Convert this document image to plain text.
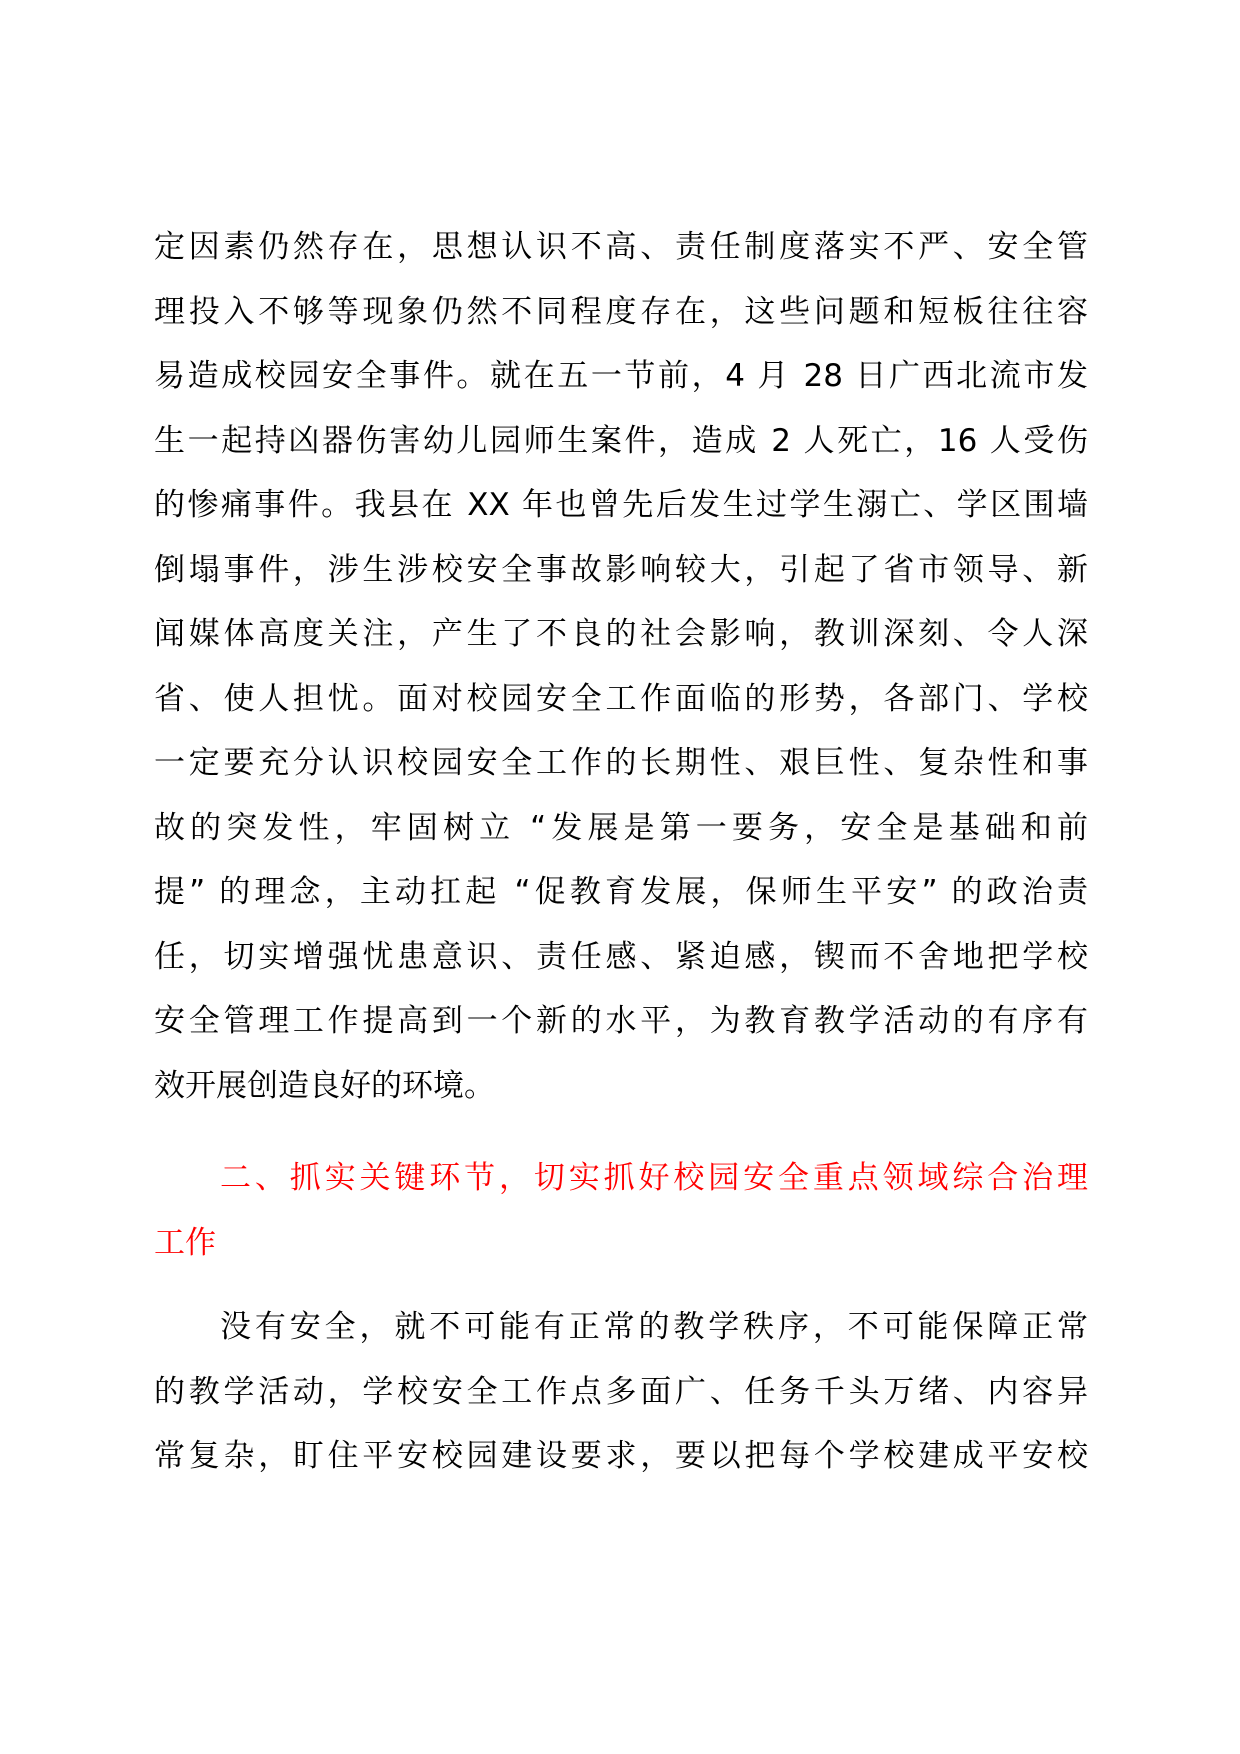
定因素仍然存在，思想认识不高、责任制度落实不严、安全管
理投入不够等现象仍然不同程度存在，这些问题和短板往往容
易造成校园安全事件。就在五一节前，4 月 28 日广西北流市发
生一起持凶器伤害幼儿园师生案件，造成 2 人死亡，16 人受伤
的惨痛事件。我县在 XX 年也曾先后发生过学生溺亡、学区围墙
倒塌事件，涉生涉校安全事故影响较大，引起了省市领导、新
闻媒体高度关注，产生了不良的社会影响，教训深刻、令人深
省、使人担忧。面对校园安全工作面临的形势，各部门、学校
一定要充分认识校园安全工作的长期性、艰巨性、复杂性和事
故的突发性，牢固树立 “发展是第一要务，安全是基础和前
提” 的理念，主动扛起 “促教育发展，保师生平安” 的政治责
任，切实增强忧患意识、责任感、紧迫感，锲而不舍地把学校
安全管理工作提高到一个新的水平，为教育教学活动的有序有
效开展创造良好的环境。
二、抓实关键环节，切实抓好校园安全重点领域综合治理
工作
没有安全，就不可能有正常的教学秩序，不可能保障正常
的教学活动，学校安全工作点多面广、任务千头万绪、内容异
常复杂，盯住平安校园建设要求，要以把每个学校建成平安校
